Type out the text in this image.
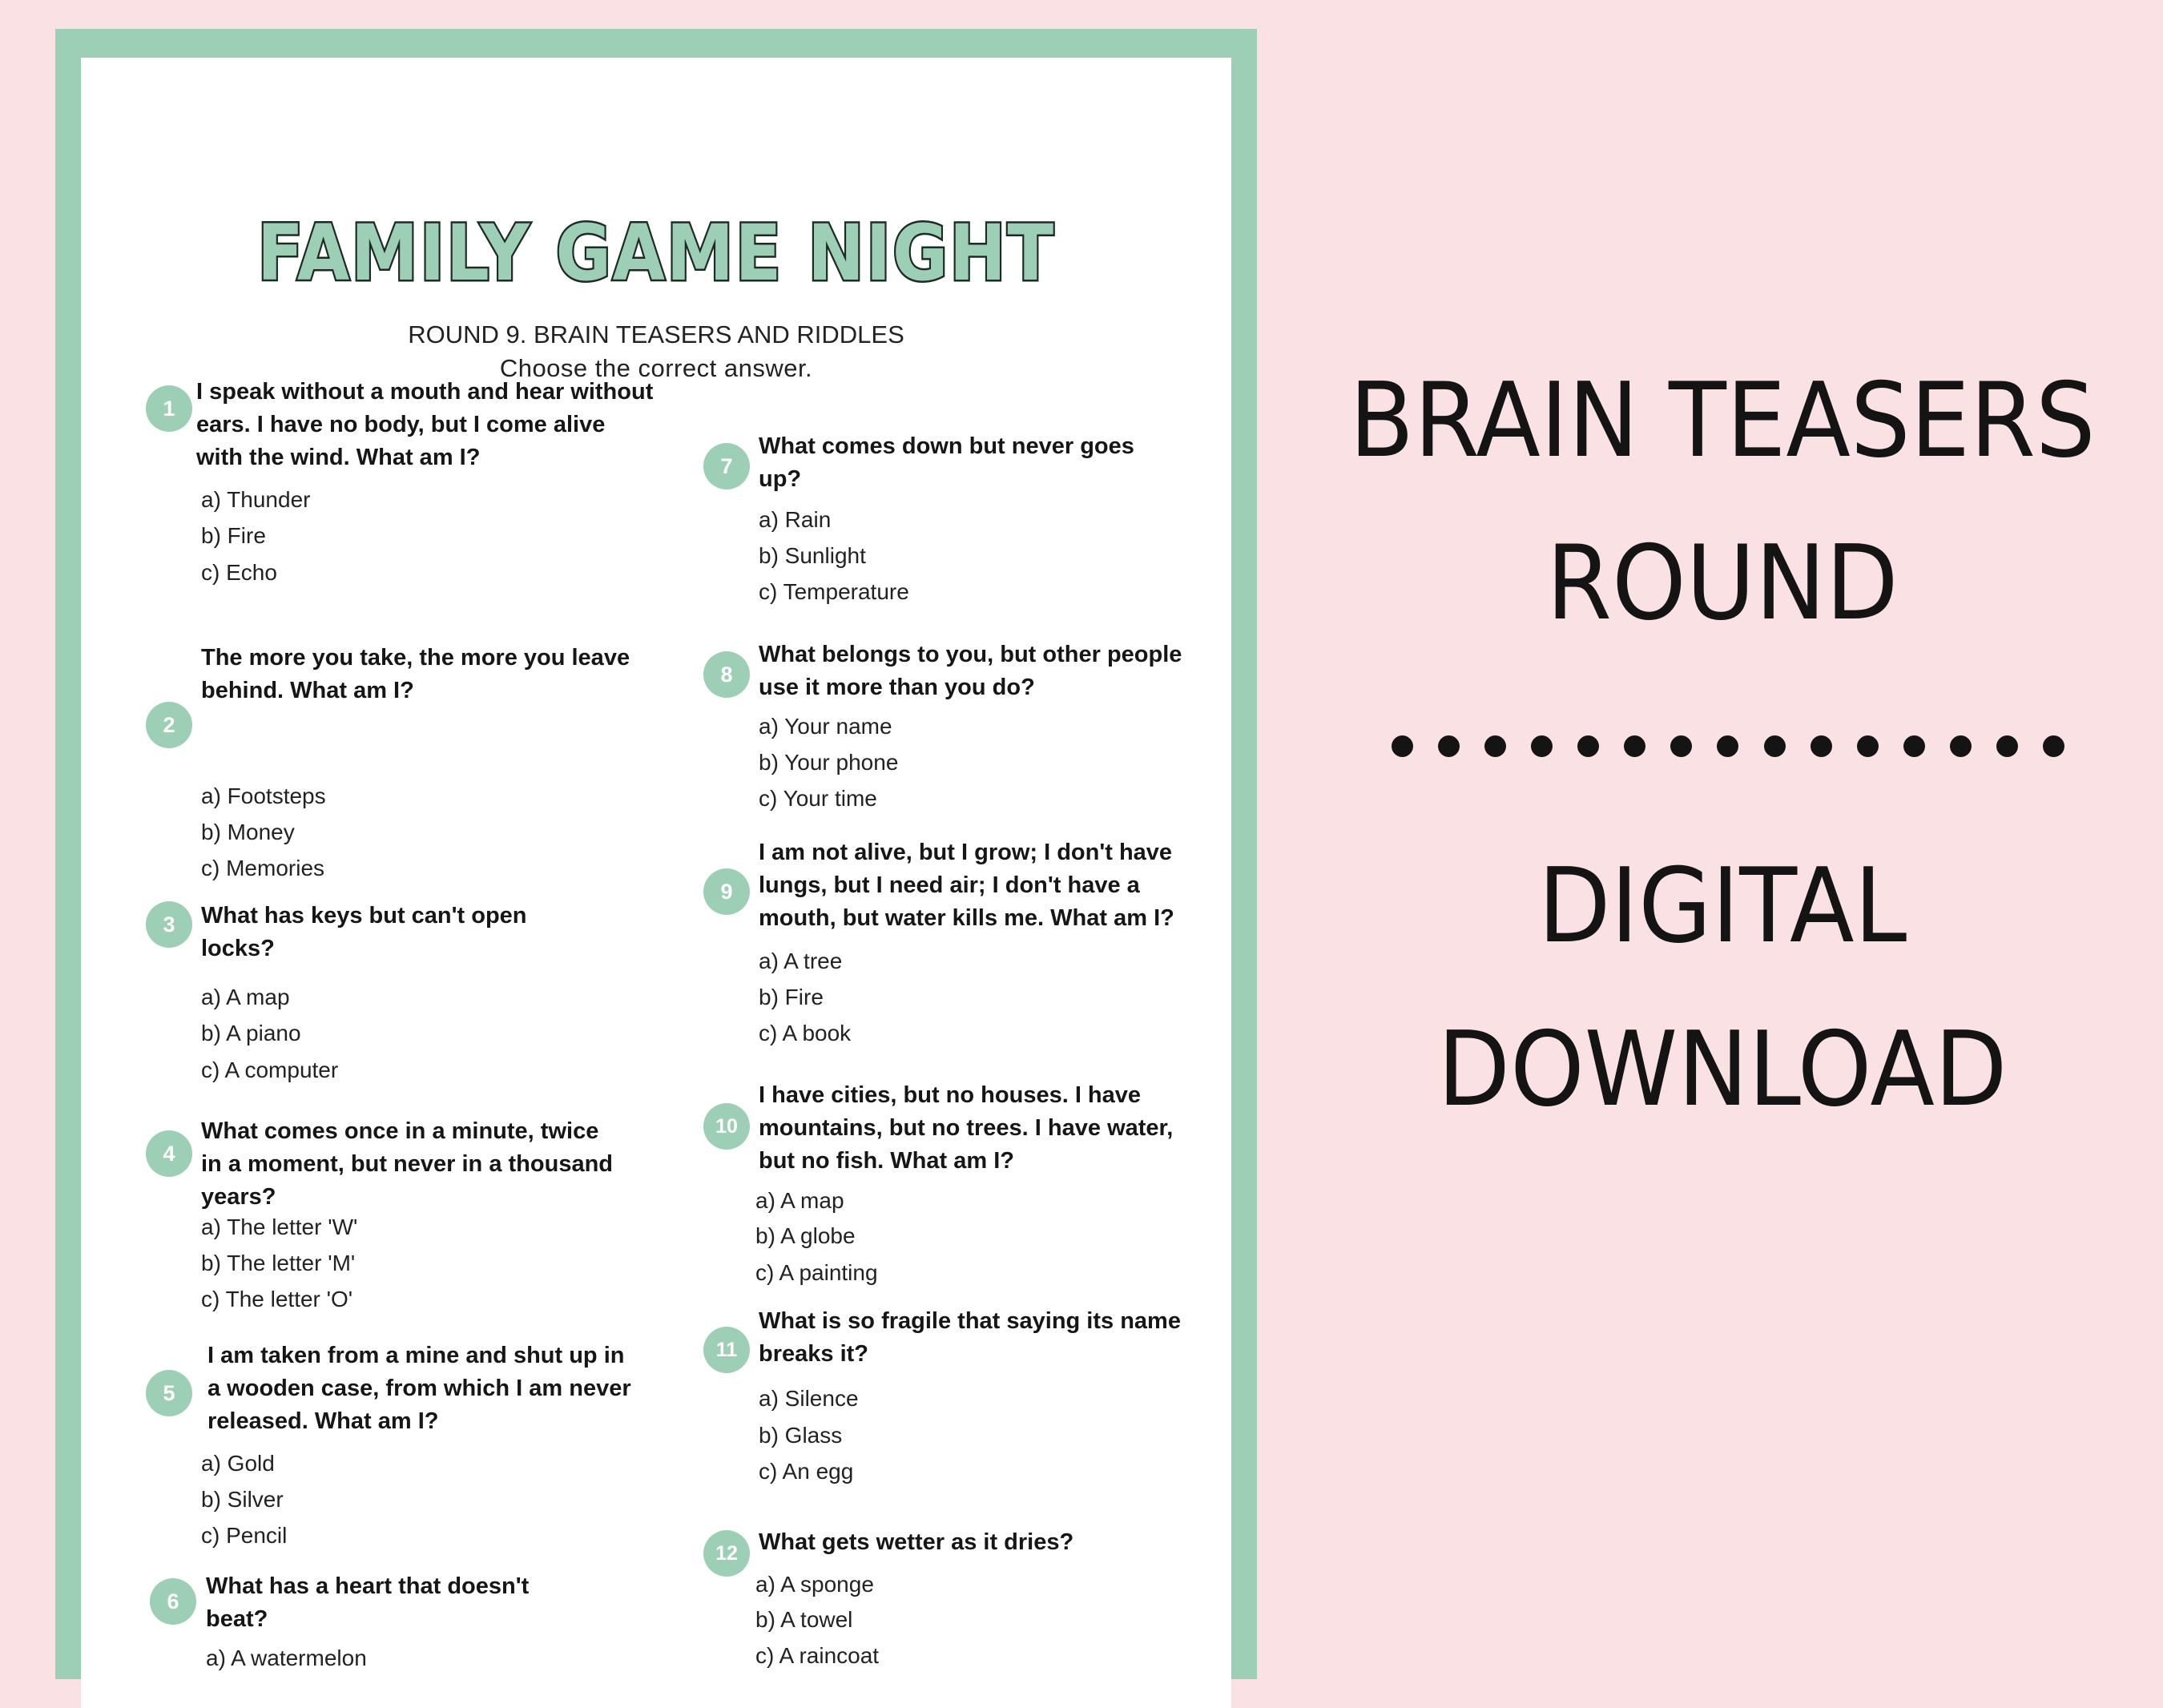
FAMILY GAME NIGHT
ROUND 9. BRAIN TEASERS AND RIDDLES
Choose the correct answer.
1
I speak without a mouth and hear without
ears. I have no body, but I come alive
with the wind. What am I?
a) Thunder
b) Fire
c) Echo
2
The more you take, the more you leave
behind. What am I?
a) Footsteps
b) Money
c) Memories
3	What has keys but can't open
locks?
a) A map
b) A piano
c) A computer
4
What comes once in a minute, twice
in a moment, but never in a thousand
years?
a) The letter 'W'
b) The letter 'M'
c) The letter 'O'
5
I am taken from a mine and shut up in
a wooden case, from which I am never
released. What am I?
a) Gold
b) Silver
c) Pencil
6
What has a heart that doesn't
beat?
a) A watermelon
7
What comes down but never goes
up?
a) Rain
b) Sunlight
c) Temperature
8
What belongs to you, but other people
use it more than you do?
a) Your name
b) Your phone
c) Your time
9
I am not alive, but I grow; I don't have
lungs, but I need air; I don't have a
mouth, but water kills me. What am I?
a) A tree
b) Fire
c) A book
10
I have cities, but no houses. I have
mountains, but no trees. I have water,
but no fish. What am I?
a) A map
b) A globe
c) A painting
11
What is so fragile that saying its name
breaks it?
a) Silence
b) Glass
c) An egg
12 What gets wetter as it dries?
a) A sponge
b) A towel
c) A raincoat
BRAIN TEASERS
ROUND
DIGITAL
DOWNLOAD
